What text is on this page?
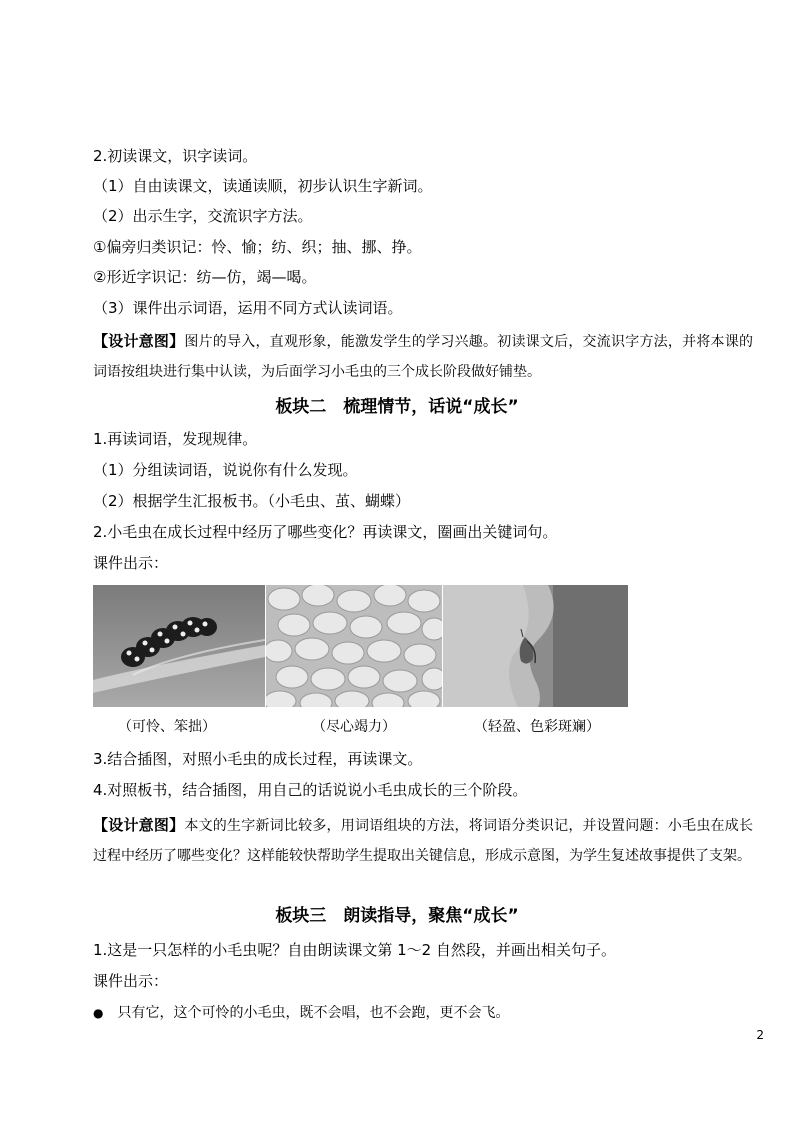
2.初读课文，识字读词。
（1）自由读课文，读通读顺，初步认识生字新词。
（2）出示生字，交流识字方法。
①偏旁归类识记：怜、愉；纺、织；抽、挪、挣。
②形近字识记：纺—仿，竭—喝。
（3）课件出示词语，运用不同方式认读词语。
【设计意图】图片的导入，直观形象，能激发学生的学习兴趣。初读课文后，交流识字方法，并将本课的词语按组块进行集中认读，为后面学习小毛虫的三个成长阶段做好铺垫。
板块二　梳理情节，话说“成长”
1.再读词语，发现规律。
（1）分组读词语，说说你有什么发现。
（2）根据学生汇报板书。（小毛虫、茧、蝴蝶）
2.小毛虫在成长过程中经历了哪些变化？再读课文，圈画出关键词句。
课件出示：
（可怜、笨拙）	（尽心竭力）	（轻盈、色彩斑斓）
3.结合插图，对照小毛虫的成长过程，再读课文。
4.对照板书，结合插图，用自己的话说说小毛虫成长的三个阶段。
【设计意图】本文的生字新词比较多，用词语组块的方法，将词语分类识记，并设置问题：小毛虫在成长过程中经历了哪些变化？这样能较快帮助学生提取出关键信息，形成示意图，为学生复述故事提供了支架。
板块三　朗读指导，聚焦“成长”
1.这是一只怎样的小毛虫呢？自由朗读课文第 1～2 自然段，并画出相关句子。
课件出示：
● 只有它，这个可怜的小毛虫，既不会唱，也不会跑，更不会飞。
2
